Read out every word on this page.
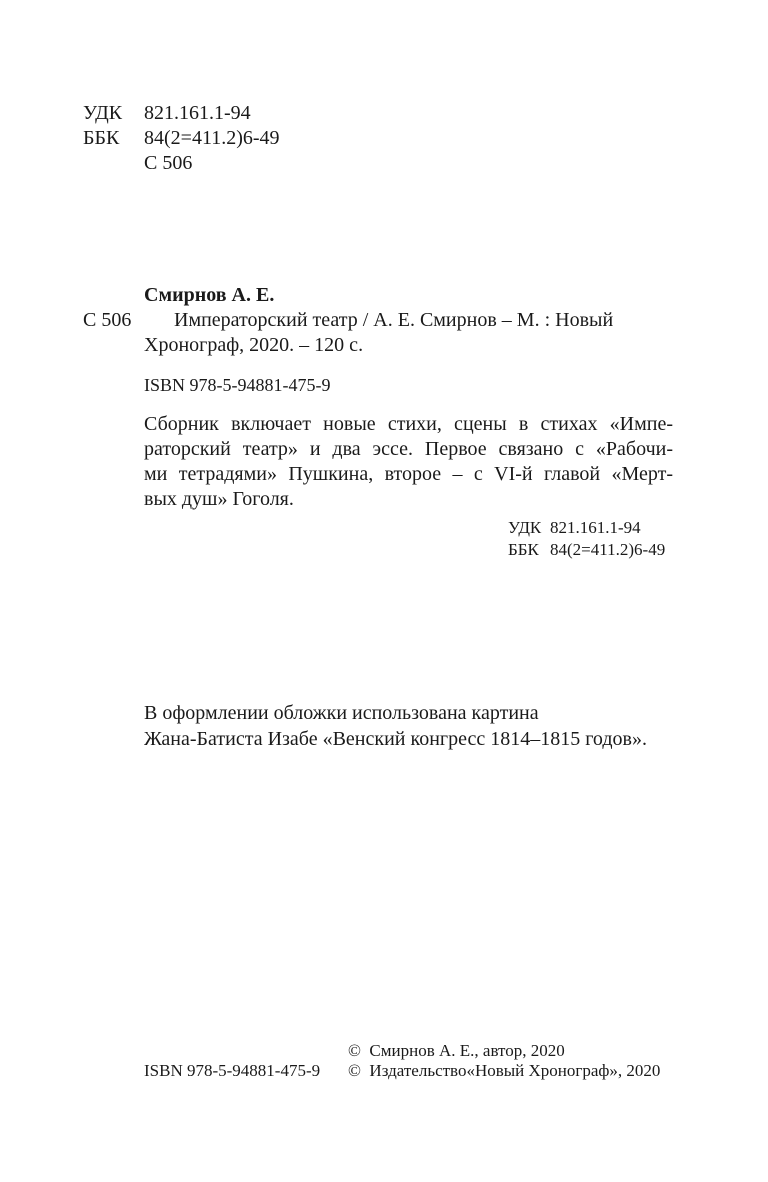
УДК 821.161.1-94
ББК 84(2=411.2)6-49
С 506
Смирнов А. Е.
С 506 Императорский театр / А. Е. Смирнов – М. : Новый
Хронограф, 2020. – 120 с.
ISBN 978-5-94881-475-9
Сборник включает новые стихи, сцены в стихах «Импе-
раторский театр» и два эссе. Первое связано с «Рабочи-
ми тетрадями» Пушкина, второе – с VI-й главой «Мерт-
вых душ» Гоголя.
УДК 821.161.1-94
ББК 84(2=411.2)6-49
В оформлении обложки использована картина
Жана-Батиста Изабе «Венский конгресс 1814–1815 годов».
©  Смирнов А. Е., автор, 2020
ISBN 978-5-94881-475-9 ©  Издательство«Новый Хронограф», 2020
